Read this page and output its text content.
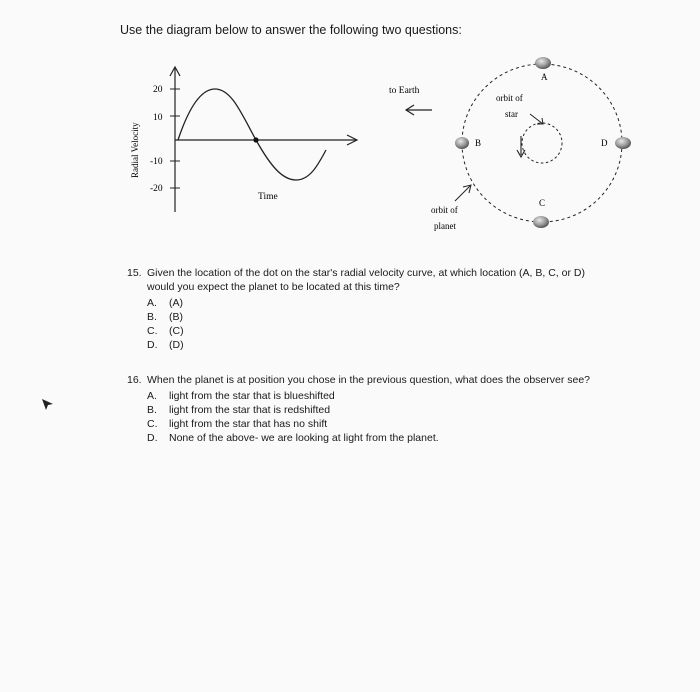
Use the diagram below to answer the following two questions:
20
10
-10
-20
Radial Velocity
Time
to Earth
orbit of
star
orbit of
planet
A
B
C
D
15. Given the location of the dot on the star's radial velocity curve, at which location (A, B, C, or D)
would you expect the planet to be located at this time?
A. (A)
B. (B)
C. (C)
D. (D)
16. When the planet is at position you chose in the previous question, what does the observer see?
A. light from the star that is blueshifted
B. light from the star that is redshifted
C. light from the star that has no shift
D. None of the above- we are looking at light from the planet.
